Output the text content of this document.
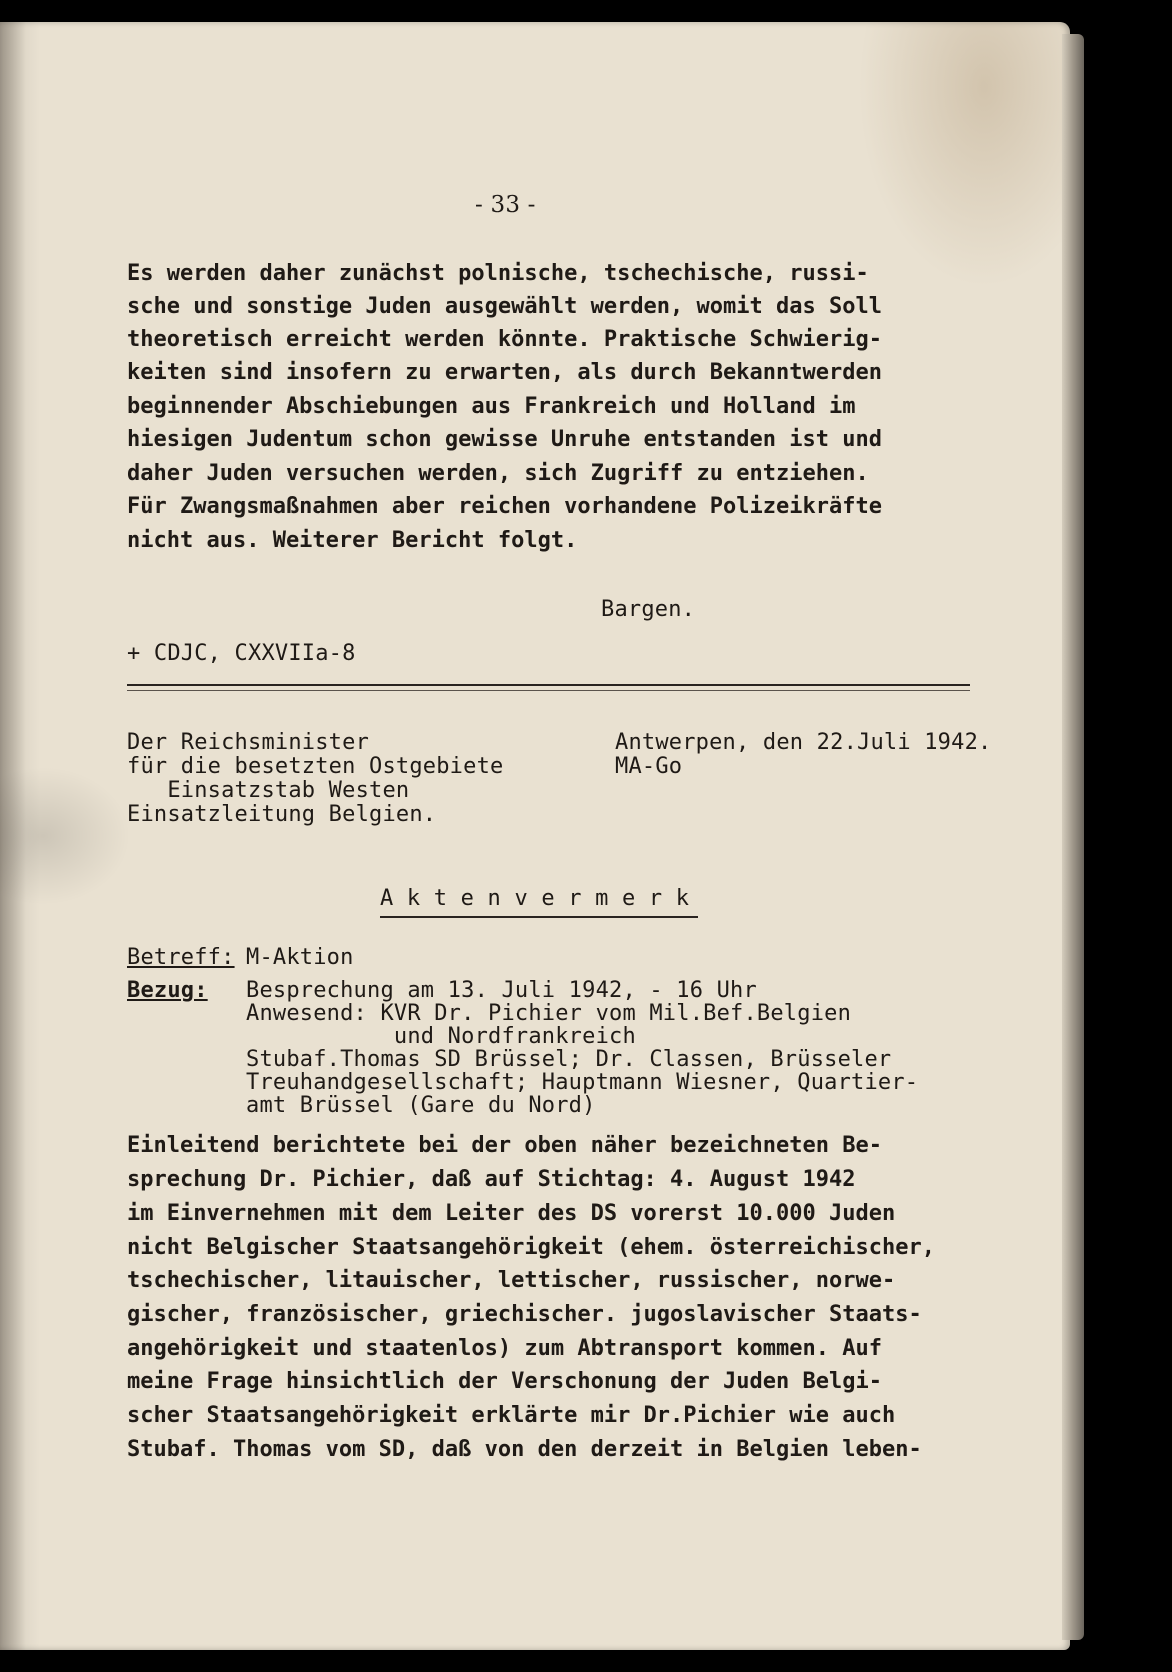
- 33 -
Es werden daher zunächst polnische, tschechische, russi-
sche und sonstige Juden ausgewählt werden, womit das Soll
theoretisch erreicht werden könnte. Praktische Schwierig-
keiten sind insofern zu erwarten, als durch Bekanntwerden
beginnender Abschiebungen aus Frankreich und Holland im
hiesigen Judentum schon gewisse Unruhe entstanden ist und
daher Juden versuchen werden, sich Zugriff zu entziehen.
Für Zwangsmaßnahmen aber reichen vorhandene Polizeikräfte
nicht aus. Weiterer Bericht folgt.
Bargen.
+ CDJC, CXXVIIa-8
Der Reichsminister
für die besetzten Ostgebiete
Einsatzstab Westen
Einsatzleitung Belgien.
Antwerpen, den 22.Juli 1942.
MA-Go
A k t e n v e r m e r k
Betreff: M-Aktion
Bezug: Besprechung am 13. Juli 1942, - 16 Uhr
Anwesend: KVR Dr. Pichier vom Mil.Bef.Belgien
und Nordfrankreich
Stubaf.Thomas SD Brüssel; Dr. Classen, Brüsseler
Treuhandgesellschaft; Hauptmann Wiesner, Quartier-
amt Brüssel (Gare du Nord)
Einleitend berichtete bei der oben näher bezeichneten Be-
sprechung Dr. Pichier, daß auf Stichtag: 4. August 1942
im Einvernehmen mit dem Leiter des DS vorerst 10.000 Juden
nicht Belgischer Staatsangehörigkeit (ehem. österreichischer,
tschechischer, litauischer, lettischer, russischer, norwe-
gischer, französischer, griechischer. jugoslavischer Staats-
angehörigkeit und staatenlos) zum Abtransport kommen. Auf
meine Frage hinsichtlich der Verschonung der Juden Belgi-
scher Staatsangehörigkeit erklärte mir Dr.Pichier wie auch
Stubaf. Thomas vom SD, daß von den derzeit in Belgien leben-
